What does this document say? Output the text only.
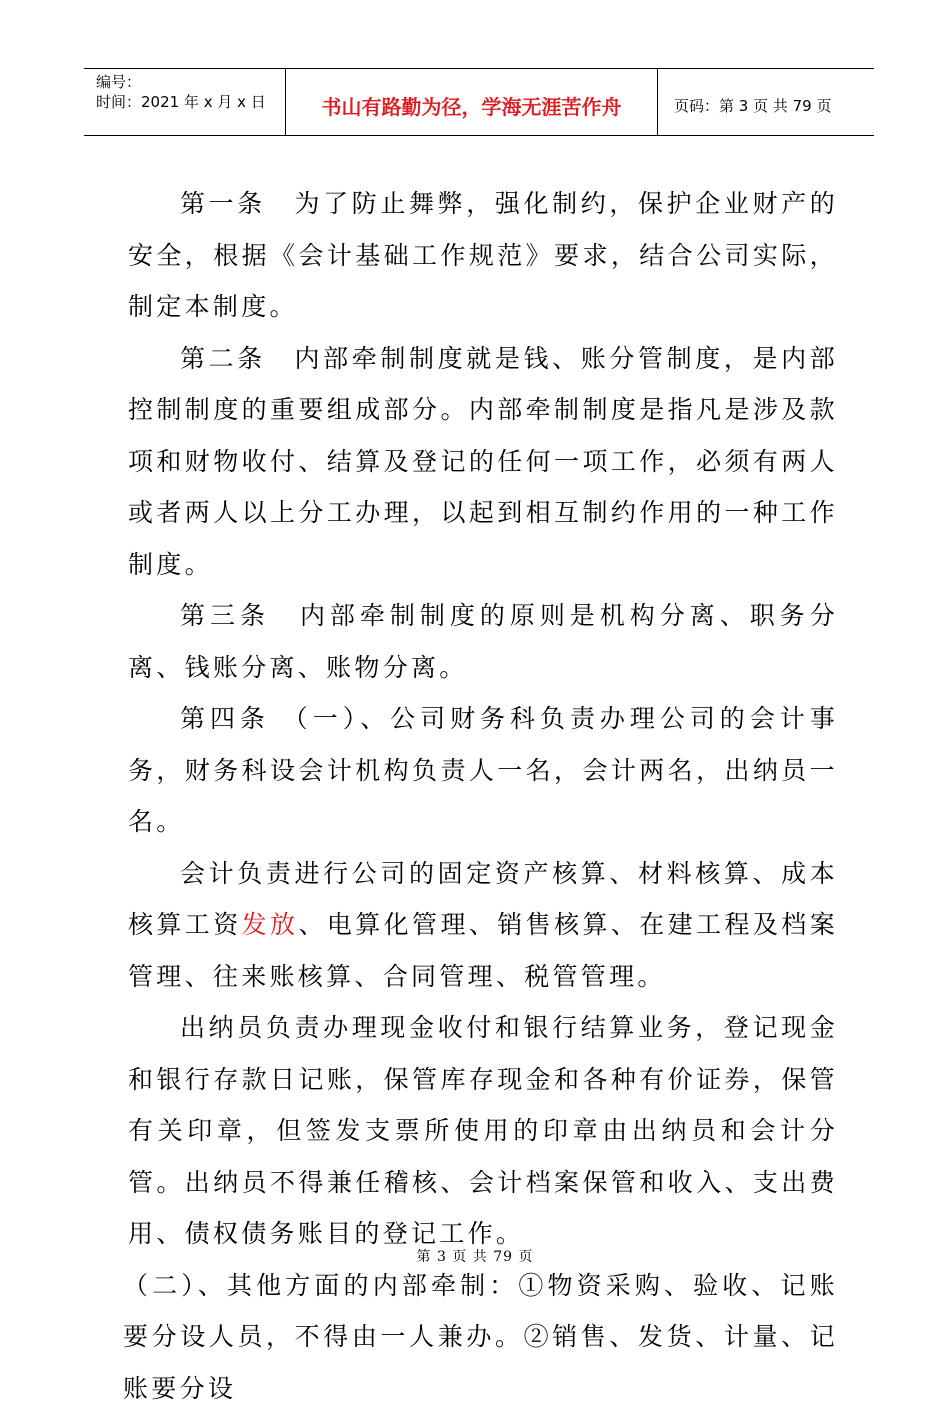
编号：
时间：2021 年 x 月 x 日	书山有路勤为径，学海无涯苦作舟	页码：第 3 页 共 79 页

第一条　为了防止舞弊，强化制约，保护企业财产的安全，根据《会计基础工作规范》要求，结合公司实际，制定本制度。

第二条　内部牵制制度就是钱、账分管制度，是内部控制制度的重要组成部分。内部牵制制度是指凡是涉及款项和财物收付、结算及登记的任何一项工作，必须有两人或者两人以上分工办理，以起到相互制约作用的一种工作制度。

第三条　内部牵制制度的原则是机构分离、职务分离、钱账分离、账物分离。

第四条 （一）、公司财务科负责办理公司的会计事务，财务科设会计机构负责人一名，会计两名，出纳员一名。

会计负责进行公司的固定资产核算、材料核算、成本核算工资发放、电算化管理、销售核算、在建工程及档案管理、往来账核算、合同管理、税管管理。

出纳员负责办理现金收付和银行结算业务，登记现金和银行存款日记账，保管库存现金和各种有价证券，保管有关印章，但签发支票所使用的印章由出纳员和会计分管。出纳员不得兼任稽核、会计档案保管和收入、支出费用、债权债务账目的登记工作。

（二）、其他方面的内部牵制：①物资采购、验收、记账要分设人员，不得由一人兼办。②销售、发货、计量、记账要分设

第 3 页 共 79 页
